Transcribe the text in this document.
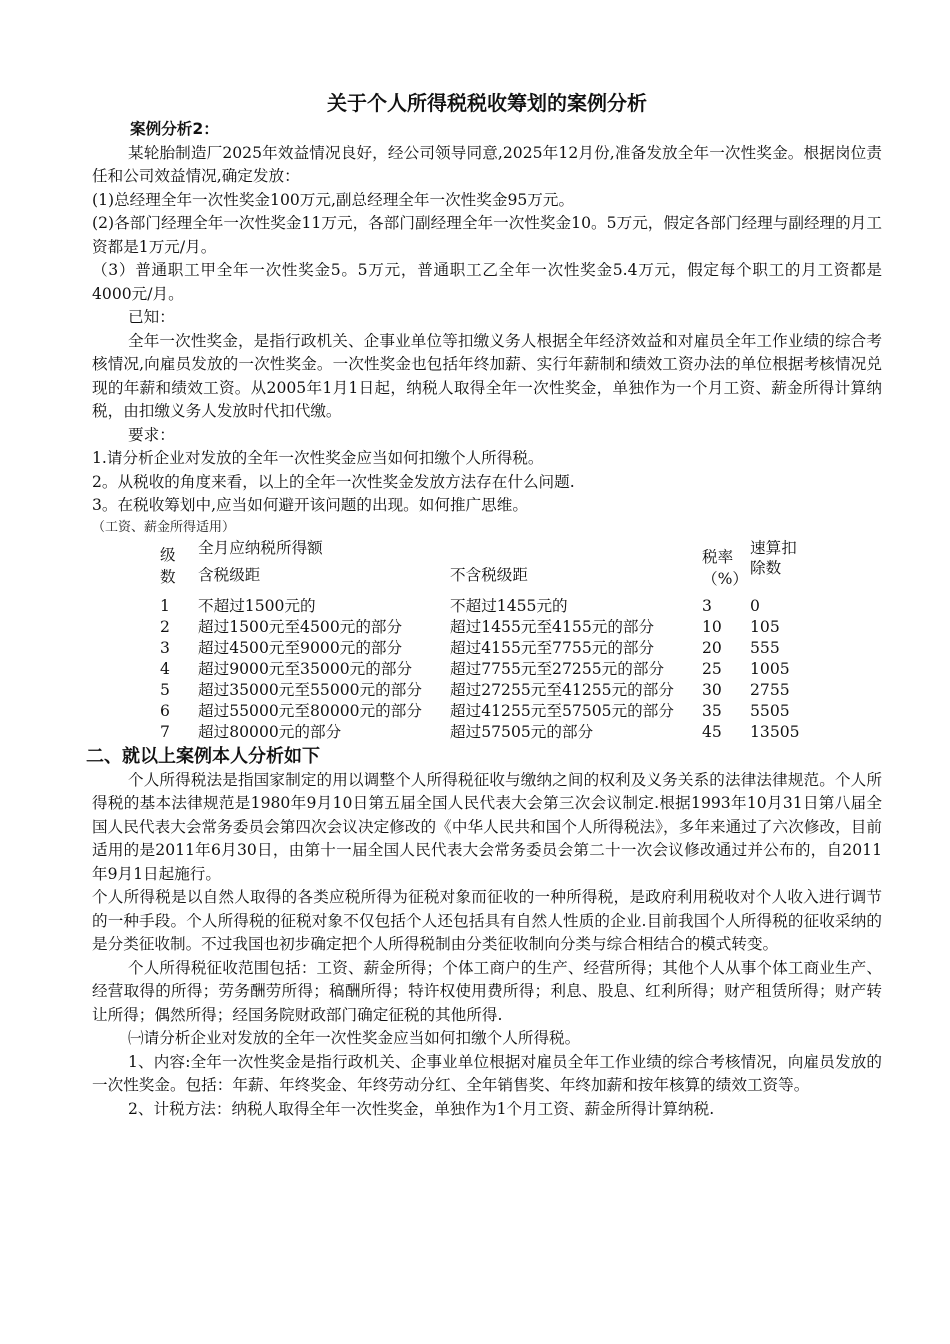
关于个人所得税税收筹划的案例分析
案例分析2：

某轮胎制造厂2025年效益情况良好，经公司领导同意,2025年12月份,准备发放全年一次性奖金。根据岗位责任和公司效益情况,确定发放：

(1)总经理全年一次性奖金100万元,副总经理全年一次性奖金95万元。

(2)各部门经理全年一次性奖金11万元，各部门副经理全年一次性奖金10。5万元，假定各部门经理与副经理的月工资都是1万元/月。

（3）普通职工甲全年一次性奖金5。5万元，普通职工乙全年一次性奖金5.4万元，假定每个职工的月工资都是4000元/月。

已知：

全年一次性奖金，是指行政机关、企事业单位等扣缴义务人根据全年经济效益和对雇员全年工作业绩的综合考核情况,向雇员发放的一次性奖金。一次性奖金也包括年终加薪、实行年薪制和绩效工资办法的单位根据考核情况兑现的年薪和绩效工资。从2005年1月1日起，纳税人取得全年一次性奖金，单独作为一个月工资、薪金所得计算纳税，由扣缴义务人发放时代扣代缴。

要求：

1.请分析企业对发放的全年一次性奖金应当如何扣缴个人所得税。

2。从税收的角度来看，以上的全年一次性奖金发放方法存在什么问题.

3。在税收筹划中,应当如何避开该问题的出现。如何推广思维。

（工资、薪金所得适用）
级数	全月应纳税所得额		税率（%）	速算扣　除数

	含税级距	不含税级距		
1	不超过1500元的	不超过1455元的	3	0
2	超过1500元至4500元的部分	超过1455元至4155元的部分	10	105
3	超过4500元至9000元的部分	超过4155元至7755元的部分	20	555
4	超过9000元至35000元的部分	超过7755元至27255元的部分	25	1005
5	超过35000元至55000元的部分	超过27255元至41255元的部分	30	2755
6	超过55000元至80000元的部分	超过41255元至57505元的部分	35	5505
7	超过80000元的部分	超过57505元的部分	45	13505
二、就以上案例本人分析如下

个人所得税法是指国家制定的用以调整个人所得税征收与缴纳之间的权利及义务关系的法律法律规范。个人所得税的基本法律规范是1980年9月10日第五届全国人民代表大会第三次会议制定.根据1993年10月31日第八届全国人民代表大会常务委员会第四次会议决定修改的《中华人民共和国个人所得税法》，多年来通过了六次修改，目前适用的是2011年6月30日，由第十一届全国人民代表大会常务委员会第二十一次会议修改通过并公布的，自2011年9月1日起施行。

个人所得税是以自然人取得的各类应税所得为征税对象而征收的一种所得税，是政府利用税收对个人收入进行调节的一种手段。个人所得税的征税对象不仅包括个人还包括具有自然人性质的企业.目前我国个人所得税的征收采纳的是分类征收制。不过我国也初步确定把个人所得税制由分类征收制向分类与综合相结合的模式转变。

个人所得税征收范围包括：工资、薪金所得；个体工商户的生产、经营所得；其他个人从事个体工商业生产、经营取得的所得；劳务酬劳所得；稿酬所得；特许权使用费所得；利息、股息、红利所得；财产租赁所得；财产转让所得；偶然所得；经国务院财政部门确定征税的其他所得.

㈠请分析企业对发放的全年一次性奖金应当如何扣缴个人所得税。

1、内容:全年一次性奖金是指行政机关、企事业单位根据对雇员全年工作业绩的综合考核情况，向雇员发放的一次性奖金。包括：年薪、年终奖金、年终劳动分红、全年销售奖、年终加薪和按年核算的绩效工资等。

2、计税方法：纳税人取得全年一次性奖金，单独作为1个月工资、薪金所得计算纳税.
